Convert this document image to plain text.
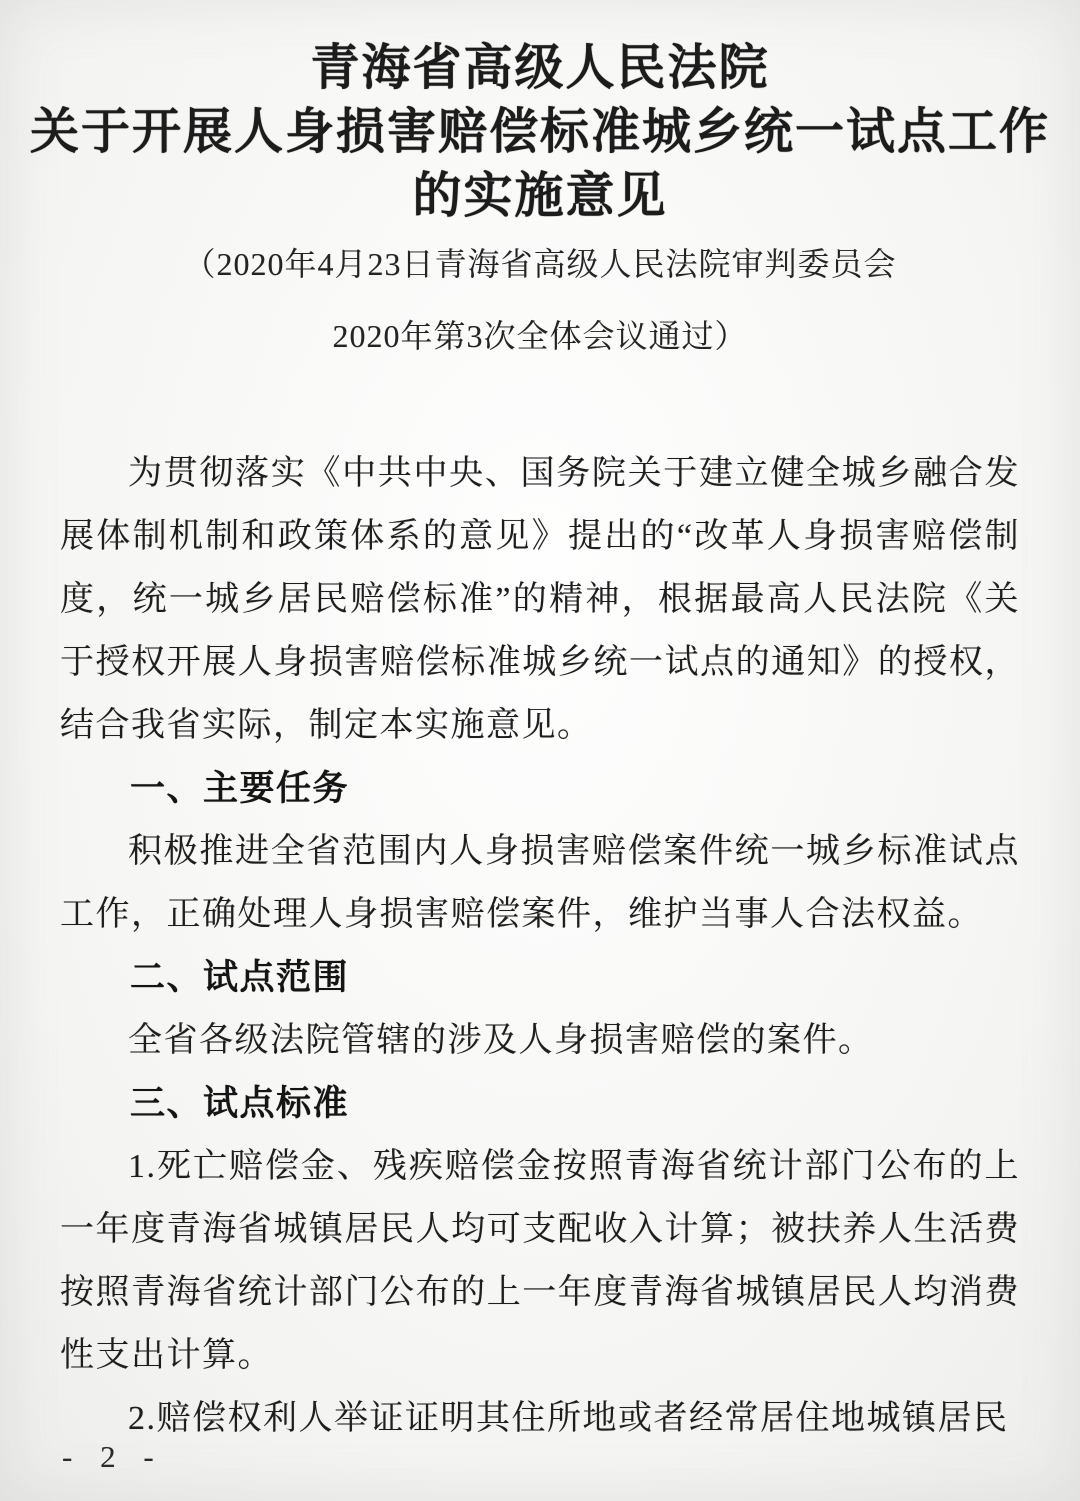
青海省高级人民法院
关于开展人身损害赔偿标准城乡统一试点工作
的实施意见
（2020年4月23日青海省高级人民法院审判委员会
2020年第3次全体会议通过）

为贯彻落实《中共中央、国务院关于建立健全城乡融合发展体制机制和政策体系的意见》提出的“改革人身损害赔偿制度，统一城乡居民赔偿标准”的精神，根据最高人民法院《关于授权开展人身损害赔偿标准城乡统一试点的通知》的授权，结合我省实际，制定本实施意见。

一、主要任务

积极推进全省范围内人身损害赔偿案件统一城乡标准试点工作，正确处理人身损害赔偿案件，维护当事人合法权益。

二、试点范围

全省各级法院管辖的涉及人身损害赔偿的案件。

三、试点标准

1.死亡赔偿金、残疾赔偿金按照青海省统计部门公布的上一年度青海省城镇居民人均可支配收入计算；被扶养人生活费按照青海省统计部门公布的上一年度青海省城镇居民人均消费性支出计算。

2.赔偿权利人举证证明其住所地或者经常居住地城镇居民

- 2 -
